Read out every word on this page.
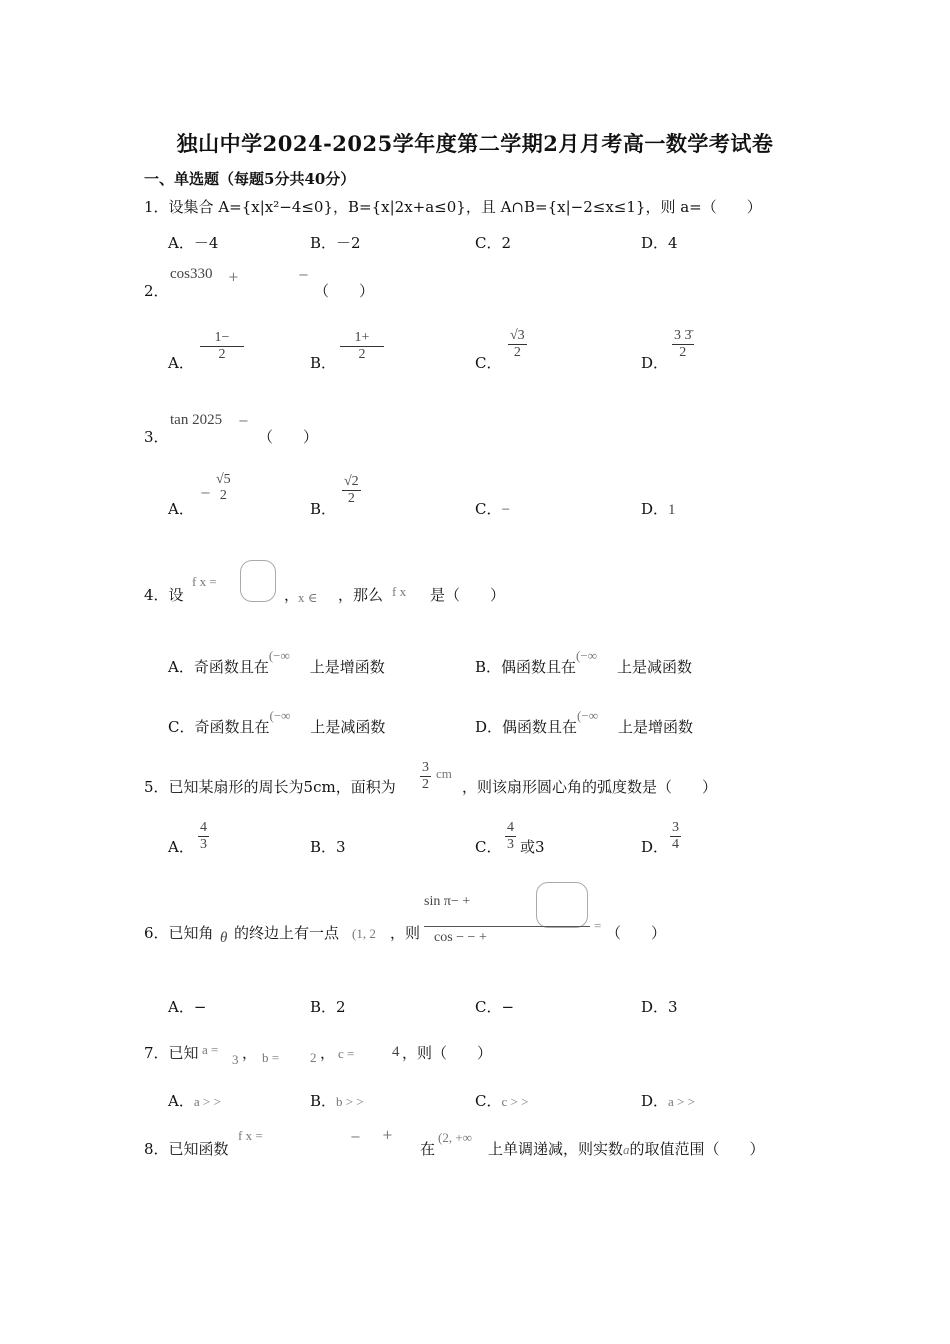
独山中学2024-2025学年度第二学期2月月考高一数学考试卷
一、单选题（每题5分共40分）
1．设集合 A={x|x²−4≤0}，B={x|2x+a≤0}，且 A∩B={x|−2≤x≤1}，则 a=（　　）
A．－4	B．－2	C．2	D．4
2．
cos330 +	−
（　　）
A． $\frac{1-}{2}$	B． $\frac{1+}{2}$	C．
$\frac{√3}{2}$
D．
$\frac{3 3̄}{2}$
3．
tan 2025 −
（　　）
A．
−
√5
2
B．
$\frac{√2}{2}$
C．−	D．1
4．设
f x =
，
x ∈ ，那么 f x 是（　　）
A．奇函数且在(−∞上是增函数	B．偶函数且在(−∞上是减函数
C．奇函数且在(−∞上是减函数	D．偶函数且在(−∞上是增函数
5．已知某扇形的周长为5cm，面积为 $\frac{3}{2}$ cm
，则该扇形圆心角的弧度数是（　　）
A． $\frac{4}{3}$	B．3	C． $\frac{4}{3}$ 或3	D． $\frac{3}{4}$
6．已知角 θ 的终边上有一点 (1, 2 ，则
sin π− +
cos − − +
= （　　）
A．−	B．2	C．−	D．3
7．已知 a =
3 ， b = 2 ， c =	4 ，则（　　）
A．a > >	B．b > >	C．c > >	D．a > >
8．已知函数
f x =	− +
在
(2, +∞
上单调递减，则实数a的取值范围（　　）
